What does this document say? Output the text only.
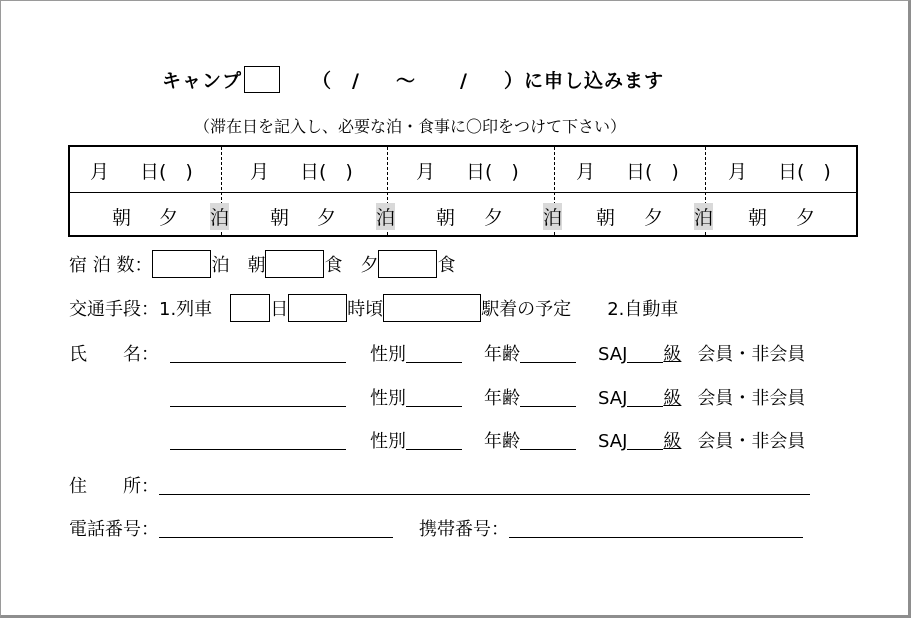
キャンプ	（ / ～ / ）に申し込みます
（滞在日を記入し、必要な泊・食事に〇印をつけて下さい）
月 日(　)	月 日(　)	月 日(　)	月 日(　)	月 日(　)
朝 夕 泊 朝 夕 泊 朝 夕 泊 朝 夕 泊 朝 夕
宿 泊 数：	泊 朝	食 夕	食
交通手段：1.列車	日	時頃	駅着の予定 2.自動車
氏　　名：	性別	年齢	SAJ 級 会員・非会員
性別	年齢	SAJ 級 会員・非会員
性別	年齢	SAJ 級 会員・非会員
住　　所：
電話番号：	携帯番号：
